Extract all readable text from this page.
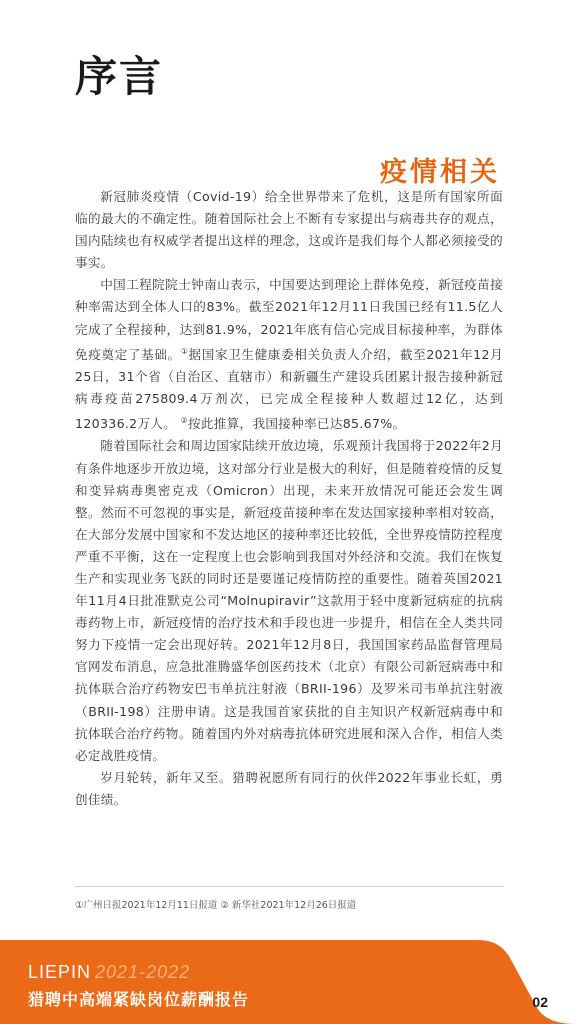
序言
疫情相关

新冠肺炎疫情（Covid-19）给全世界带来了危机，这是所有国家所面临的最大的不确定性。随着国际社会上不断有专家提出与病毒共存的观点，国内陆续也有权威学者提出这样的理念，这或许是我们每个人都必须接受的事实。

中国工程院院士钟南山表示，中国要达到理论上群体免疫，新冠疫苗接种率需达到全体人口的83%。截至2021年12月11日我国已经有11.5亿人完成了全程接种，达到81.9%，2021年底有信心完成目标接种率，为群体免疫奠定了基础。①据国家卫生健康委相关负责人介绍，截至2021年12月25日，31个省（自治区、直辖市）和新疆生产建设兵团累计报告接种新冠病毒疫苗275809.4万剂次，已完成全程接种人数超过12亿，达到120336.2万人。 ②按此推算，我国接种率已达85.67%。

随着国际社会和周边国家陆续开放边境，乐观预计我国将于2022年2月有条件地逐步开放边境，这对部分行业是极大的利好，但是随着疫情的反复和变异病毒奥密克戎（Omicron）出现，未来开放情况可能还会发生调整。然而不可忽视的事实是，新冠疫苗接种率在发达国家接种率相对较高，在大部分发展中国家和不发达地区的接种率还比较低，全世界疫情防控程度严重不平衡，这在一定程度上也会影响到我国对外经济和交流。我们在恢复生产和实现业务飞跃的同时还是要谨记疫情防控的重要性。随着英国2021年11月4日批准默克公司“Molnupiravir”这款用于轻中度新冠病症的抗病毒药物上市，新冠疫情的治疗技术和手段也进一步提升，相信在全人类共同努力下疫情一定会出现好转。2021年12月8日，我国国家药品监督管理局官网发布消息，应急批准腾盛华创医药技术（北京）有限公司新冠病毒中和抗体联合治疗药物安巴韦单抗注射液（BRII-196）及罗米司韦单抗注射液（BRII-198）注册申请。这是我国首家获批的自主知识产权新冠病毒中和抗体联合治疗药物。随着国内外对病毒抗体研究进展和深入合作，相信人类必定战胜疫情。

岁月轮转，新年又至。猎聘祝愿所有同行的伙伴2022年事业长虹，勇创佳绩。

①广州日报2021年12月11日报道 ② 新华社2021年12月26日报道
LIEPIN 2021-2022
猎聘中高端紧缺岗位薪酬报告	02
